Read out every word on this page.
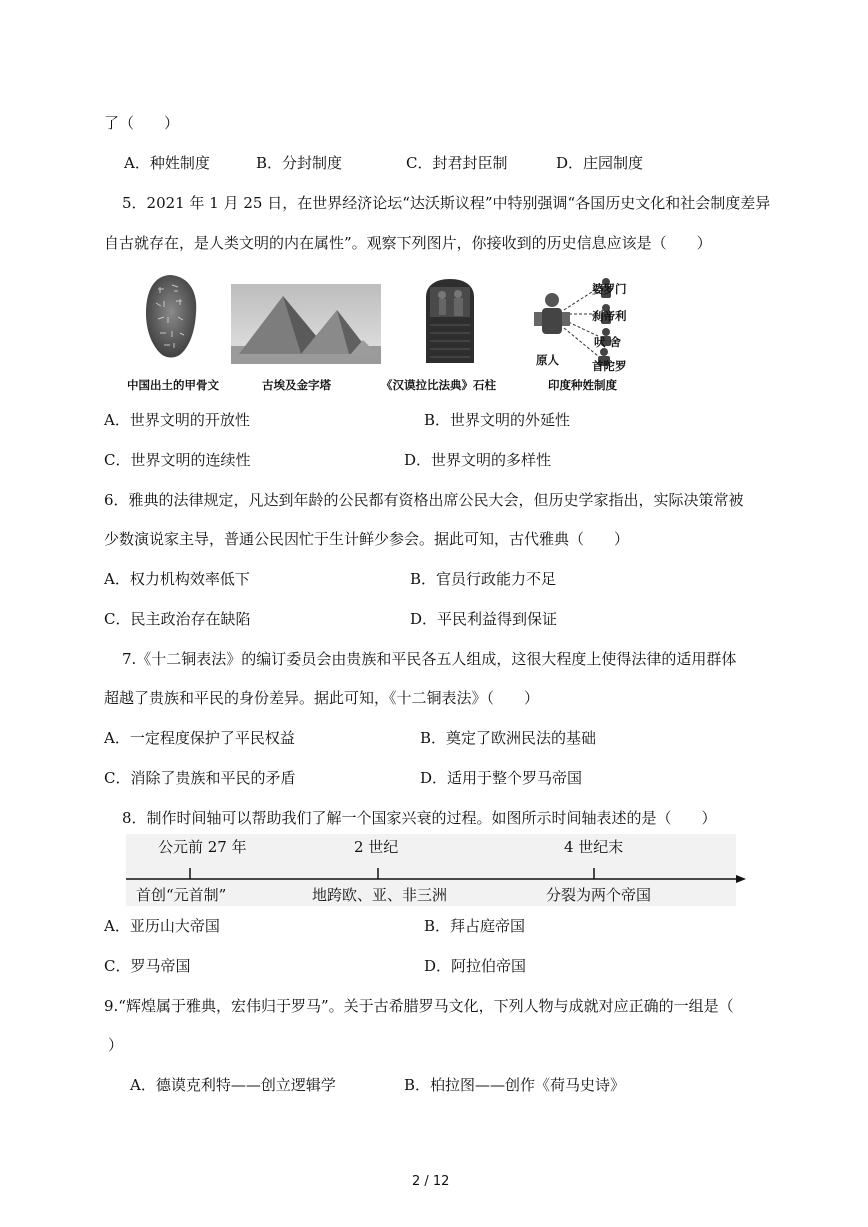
了（　　）
A．种姓制度	B．分封制度	C．封君封臣制	D．庄园制度
5．2021 年 1 月 25 日，在世界经济论坛“达沃斯议程”中特别强调“各国历史文化和社会制度差异
自古就存在，是人类文明的内在属性”。观察下列图片，你接收到的历史信息应该是（　　）
婆罗门
刹帝利
吠 舍
首陀罗
原人
中国出土的甲骨文	古埃及金字塔	《汉谟拉比法典》石柱	印度种姓制度
A．世界文明的开放性	B．世界文明的外延性
C．世界文明的连续性	D．世界文明的多样性
6．雅典的法律规定，凡达到年龄的公民都有资格出席公民大会，但历史学家指出，实际决策常被
少数演说家主导，普通公民因忙于生计鲜少参会。据此可知，古代雅典（　　）
A．权力机构效率低下	B．官员行政能力不足
C．民主政治存在缺陷	D．平民利益得到保证
7.《十二铜表法》的编订委员会由贵族和平民各五人组成，这很大程度上使得法律的适用群体
超越了贵族和平民的身份差异。据此可知，《十二铜表法》（　　）
A．一定程度保护了平民权益	B．奠定了欧洲民法的基础
C．消除了贵族和平民的矛盾	D．适用于整个罗马帝国
8．制作时间轴可以帮助我们了解一个国家兴衰的过程。如图所示时间轴表述的是（　　）
公元前 27 年	2 世纪	4 世纪末
首创“元首制”	地跨欧、亚、非三洲	分裂为两个帝国
A．亚历山大帝国	B．拜占庭帝国
C．罗马帝国	D．阿拉伯帝国
9.“辉煌属于雅典，宏伟归于罗马”。关于古希腊罗马文化，下列人物与成就对应正确的一组是（
）
A．德谟克利特——创立逻辑学	B．柏拉图——创作《荷马史诗》
2 / 12
